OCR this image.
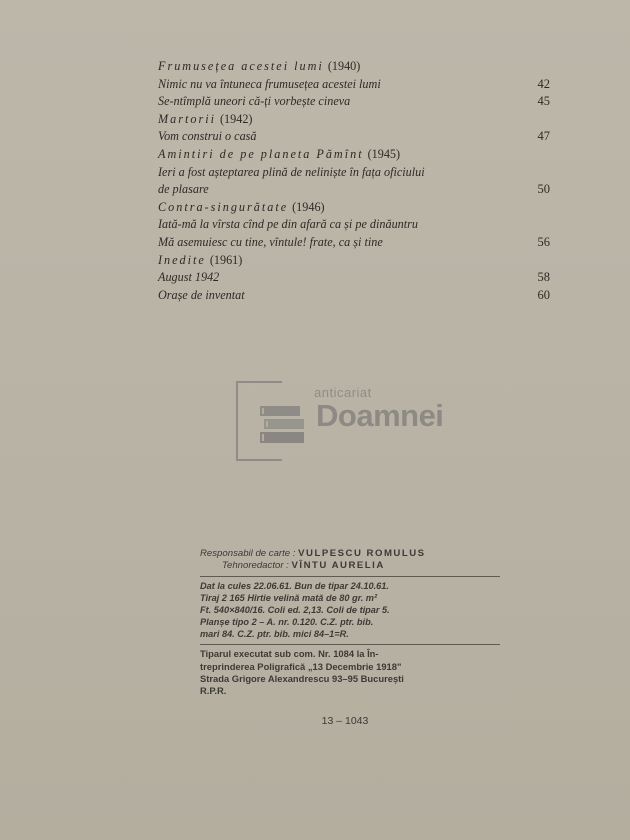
Frumusețea acestei lumi (1940)
Nimic nu va întuneca frumusețea acestei lumi	42
Se-ntîmplă uneori că-ți vorbește cineva	45
Martorii (1942)
Vom construi o casă	47
Amintiri de pe planeta Pămînt (1945)
Ieri a fost așteptarea plină de neliniște în fața oficiului
de plasare	50
Contra-singurătate (1946)
Iată-mă la vîrsta cînd pe din afară ca și pe dinăuntru
Mă asemuiesc cu tine, vîntule! frate, ca și tine	56
Inedite (1961)
August 1942	58
Orașe de inventat	60
anticariat
Doamnei
Responsabil de carte : VULPESCU ROMULUS
Tehnoredactor : VÎNTU AURELIA
Dat la cules 22.06.61. Bun de tipar 24.10.61.
Tiraj 2 165 Hîrtie velină mată de 80 gr. m²
Ft. 540×840/16. Coli ed. 2,13. Coli de tipar 5.
Planșe tipo 2 – A. nr. 0.120. C.Z. ptr. bib.
mari 84. C.Z. ptr. bib. mici 84–1=R.
Tiparul executat sub com. Nr. 1084 la În-
treprinderea Poligrafică „13 Decembrie 1918"
Strada Grigore Alexandrescu 93–95 București
R.P.R.
13 – 1043
